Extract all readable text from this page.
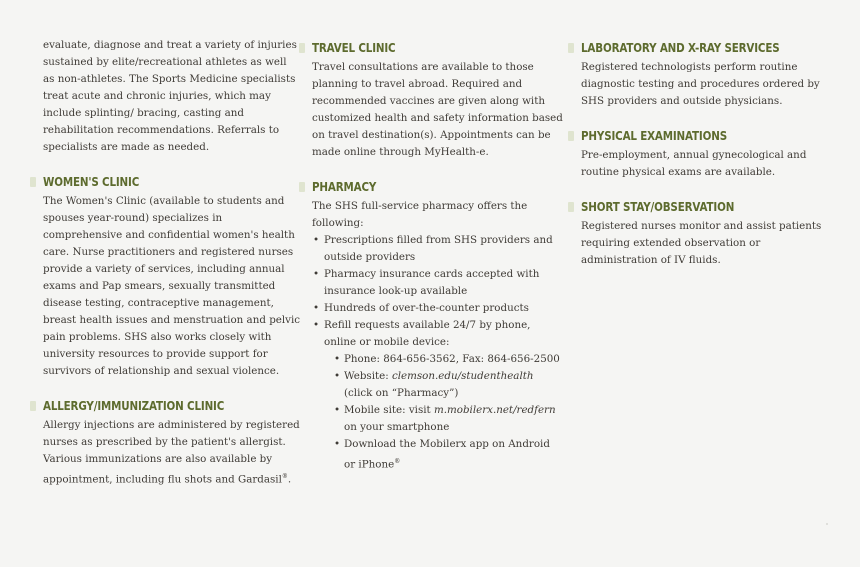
evaluate, diagnose and treat a variety of injuries sustained by elite/recreational athletes as well as non-athletes. The Sports Medicine specialists treat acute and chronic injuries, which may include splinting/ bracing, casting and rehabilitation recommendations. Referrals to specialists are made as needed.

WOMEN'S CLINIC

The Women's Clinic (available to students and spouses year-round) specializes in comprehensive and confidential women's health care. Nurse practitioners and registered nurses provide a variety of services, including annual exams and Pap smears, sexually transmitted disease testing, contraceptive management, breast health issues and menstruation and pelvic pain problems. SHS also works closely with university resources to provide support for survivors of relationship and sexual violence.

ALLERGY/IMMUNIZATION CLINIC

Allergy injections are administered by registered nurses as prescribed by the patient's allergist. Various immunizations are also available by appointment, including flu shots and Gardasil®.

TRAVEL CLINIC

Travel consultations are available to those planning to travel abroad. Required and recommended vaccines are given along with customized health and safety information based on travel destination(s). Appointments can be made online through MyHealth-e.

PHARMACY

The SHS full-service pharmacy offers the following:

• Prescriptions filled from SHS providers and outside providers
• Pharmacy insurance cards accepted with insurance look-up available
• Hundreds of over-the-counter products
• Refill requests available 24/7 by phone, online or mobile device:
• Phone: 864-656-3562, Fax: 864-656-2500
• Website: clemson.edu/studenthealth (click on “Pharmacy”)
• Mobile site: visit m.mobilerx.net/redfern on your smartphone
• Download the Mobilerx app on Android or iPhone®
LABORATORY AND X-RAY SERVICES

Registered technologists perform routine diagnostic testing and procedures ordered by SHS providers and outside physicians.

PHYSICAL EXAMINATIONS

Pre-employment, annual gynecological and routine physical exams are available.

SHORT STAY/OBSERVATION

Registered nurses monitor and assist patients requiring extended observation or administration of IV fluids.
